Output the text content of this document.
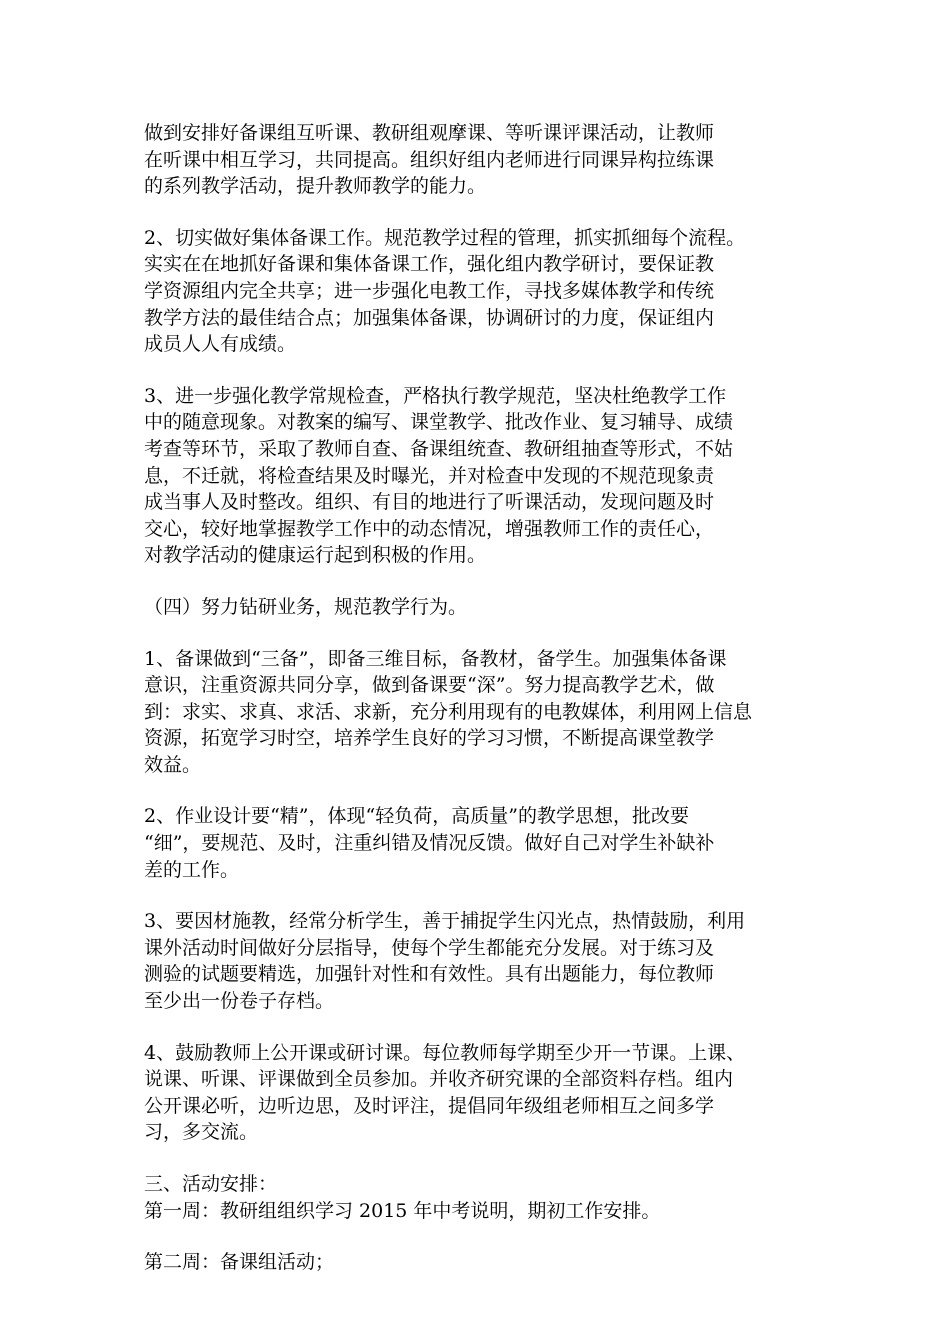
做到安排好备课组互听课、教研组观摩课、等听课评课活动，让教师
在听课中相互学习，共同提高。组织好组内老师进行同课异构拉练课
的系列教学活动，提升教师教学的能力。
2、切实做好集体备课工作。规范教学过程的管理，抓实抓细每个流程。
实实在在地抓好备课和集体备课工作，强化组内教学研讨，要保证教
学资源组内完全共享；进一步强化电教工作，寻找多媒体教学和传统
教学方法的最佳结合点；加强集体备课，协调研讨的力度，保证组内
成员人人有成绩。
3、进一步强化教学常规检查，严格执行教学规范，坚决杜绝教学工作
中的随意现象。对教案的编写、课堂教学、批改作业、复习辅导、成绩
考查等环节，采取了教师自查、备课组统查、教研组抽查等形式，不姑
息，不迁就，将检查结果及时曝光，并对检查中发现的不规范现象责
成当事人及时整改。组织、有目的地进行了听课活动，发现问题及时
交心，较好地掌握教学工作中的动态情况，增强教师工作的责任心，
对教学活动的健康运行起到积极的作用。
（四）努力钻研业务，规范教学行为。
1、备课做到“三备”，即备三维目标，备教材，备学生。加强集体备课
意识，注重资源共同分享，做到备课要“深”。努力提高教学艺术，做
到：求实、求真、求活、求新，充分利用现有的电教媒体，利用网上信息
资源，拓宽学习时空，培养学生良好的学习习惯，不断提高课堂教学
效益。
2、作业设计要“精”，体现“轻负荷，高质量”的教学思想，批改要
“细”，要规范、及时，注重纠错及情况反馈。做好自己对学生补缺补
差的工作。
3、要因材施教，经常分析学生，善于捕捉学生闪光点，热情鼓励，利用
课外活动时间做好分层指导，使每个学生都能充分发展。对于练习及
测验的试题要精选，加强针对性和有效性。具有出题能力，每位教师
至少出一份卷子存档。
4、鼓励教师上公开课或研讨课。每位教师每学期至少开一节课。上课、
说课、听课、评课做到全员参加。并收齐研究课的全部资料存档。组内
公开课必听，边听边思，及时评注，提倡同年级组老师相互之间多学
习，多交流。
三、活动安排：
第一周：教研组组织学习 2015 年中考说明，期初工作安排。
第二周：备课组活动；
